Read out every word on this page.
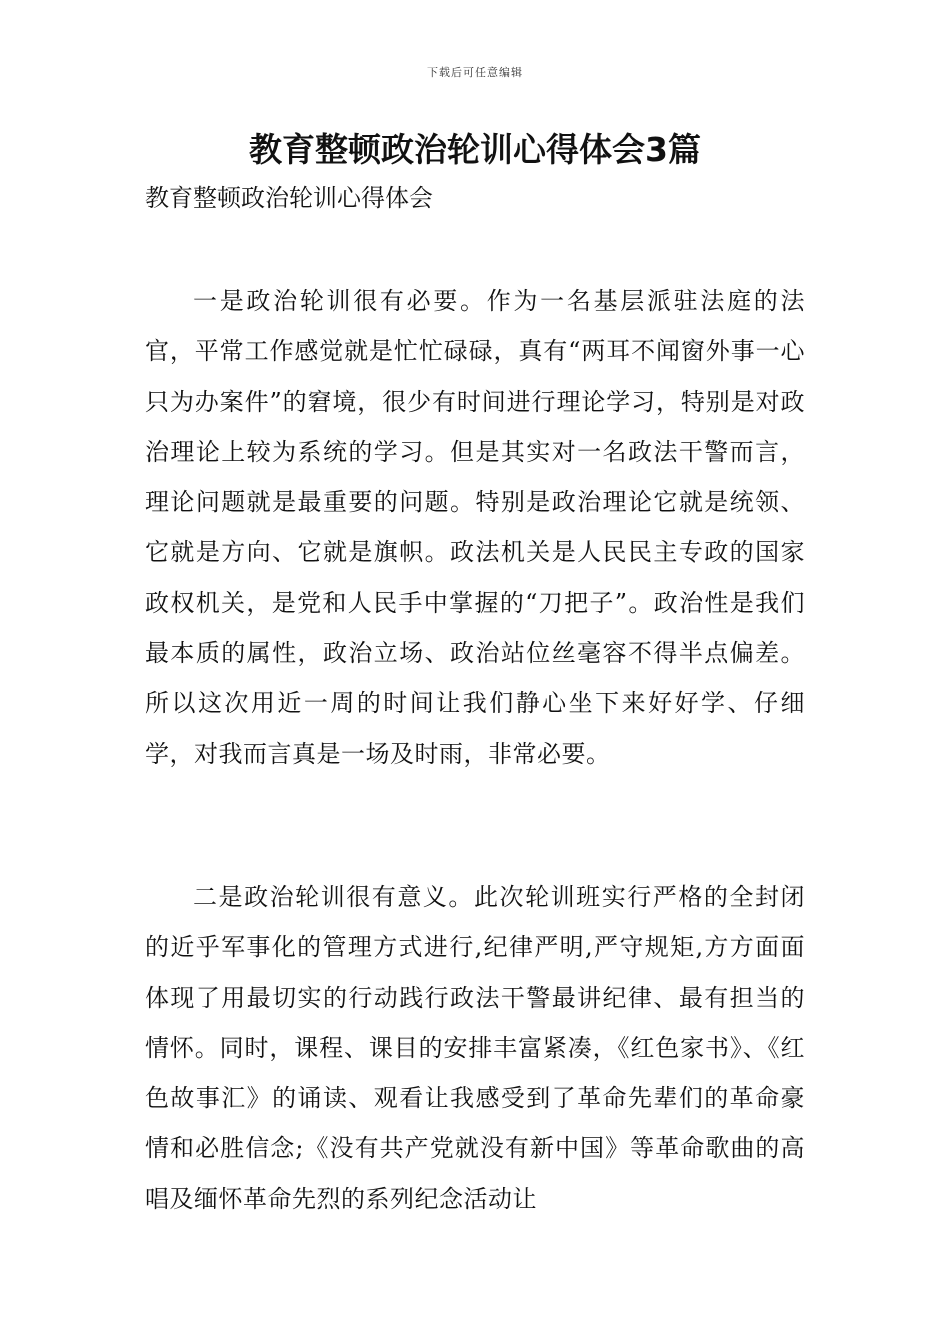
下载后可任意编辑
教育整顿政治轮训心得体会3篇

教育整顿政治轮训心得体会

一是政治轮训很有必要。作为一名基层派驻法庭的法官，平常工作感觉就是忙忙碌碌，真有“两耳不闻窗外事一心只为办案件”的窘境，很少有时间进行理论学习，特别是对政治理论上较为系统的学习。但是其实对一名政法干警而言，理论问题就是最重要的问题。特别是政治理论它就是统领、它就是方向、它就是旗帜。政法机关是人民民主专政的国家政权机关，是党和人民手中掌握的“刀把子”。政治性是我们最本质的属性，政治立场、政治站位丝毫容不得半点偏差。所以这次用近一周的时间让我们静心坐下来好好学、仔细学，对我而言真是一场及时雨，非常必要。

二是政治轮训很有意义。此次轮训班实行严格的全封闭的近乎军事化的管理方式进行,纪律严明,严守规矩,方方面面体现了用最切实的行动践行政法干警最讲纪律、最有担当的情怀。同时，课程、课目的安排丰富紧凑，《红色家书》、《红色故事汇》的诵读、观看让我感受到了革命先辈们的革命豪情和必胜信念;《没有共产党就没有新中国》等革命歌曲的高唱及缅怀革命先烈的系列纪念活动让
